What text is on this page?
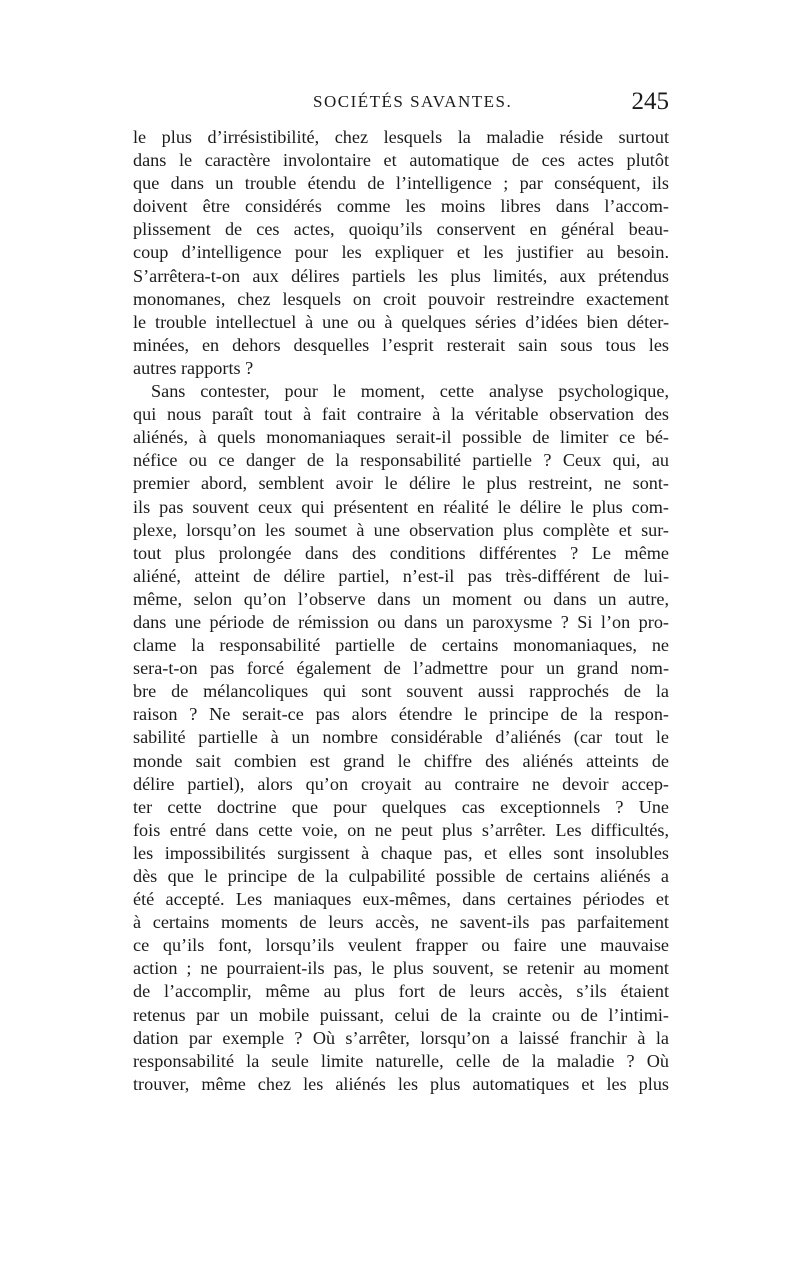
SOCIÉTÉS SAVANTES.	245
le plus d’irrésistibilité, chez lesquels la maladie réside surtout
dans le caractère involontaire et automatique de ces actes plutôt
que dans un trouble étendu de l’intelligence ; par conséquent, ils
doivent être considérés comme les moins libres dans l’accom-
plissement de ces actes, quoiqu’ils conservent en général beau-
coup d’intelligence pour les expliquer et les justifier au besoin.
S’arrêtera-t-on aux délires partiels les plus limités, aux prétendus
monomanes, chez lesquels on croit pouvoir restreindre exactement
le trouble intellectuel à une ou à quelques séries d’idées bien déter-
minées, en dehors desquelles l’esprit resterait sain sous tous les
autres rapports ?
Sans contester, pour le moment, cette analyse psychologique,
qui nous paraît tout à fait contraire à la véritable observation des
aliénés, à quels monomaniaques serait-il possible de limiter ce bé-
néfice ou ce danger de la responsabilité partielle ? Ceux qui, au
premier abord, semblent avoir le délire le plus restreint, ne sont-
ils pas souvent ceux qui présentent en réalité le délire le plus com-
plexe, lorsqu’on les soumet à une observation plus complète et sur-
tout plus prolongée dans des conditions différentes ? Le même
aliéné, atteint de délire partiel, n’est-il pas très-différent de lui-
même, selon qu’on l’observe dans un moment ou dans un autre,
dans une période de rémission ou dans un paroxysme ? Si l’on pro-
clame la responsabilité partielle de certains monomaniaques, ne
sera-t-on pas forcé également de l’admettre pour un grand nom-
bre de mélancoliques qui sont souvent aussi rapprochés de la
raison ? Ne serait-ce pas alors étendre le principe de la respon-
sabilité partielle à un nombre considérable d’aliénés (car tout le
monde sait combien est grand le chiffre des aliénés atteints de
délire partiel), alors qu’on croyait au contraire ne devoir accep-
ter cette doctrine que pour quelques cas exceptionnels ? Une
fois entré dans cette voie, on ne peut plus s’arrêter. Les difficultés,
les impossibilités surgissent à chaque pas, et elles sont insolubles
dès que le principe de la culpabilité possible de certains aliénés a
été accepté. Les maniaques eux-mêmes, dans certaines périodes et
à certains moments de leurs accès, ne savent-ils pas parfaitement
ce qu’ils font, lorsqu’ils veulent frapper ou faire une mauvaise
action ; ne pourraient-ils pas, le plus souvent, se retenir au moment
de l’accomplir, même au plus fort de leurs accès, s’ils étaient
retenus par un mobile puissant, celui de la crainte ou de l’intimi-
dation par exemple ? Où s’arrêter, lorsqu’on a laissé franchir à la
responsabilité la seule limite naturelle, celle de la maladie ? Où
trouver, même chez les aliénés les plus automatiques et les plus
